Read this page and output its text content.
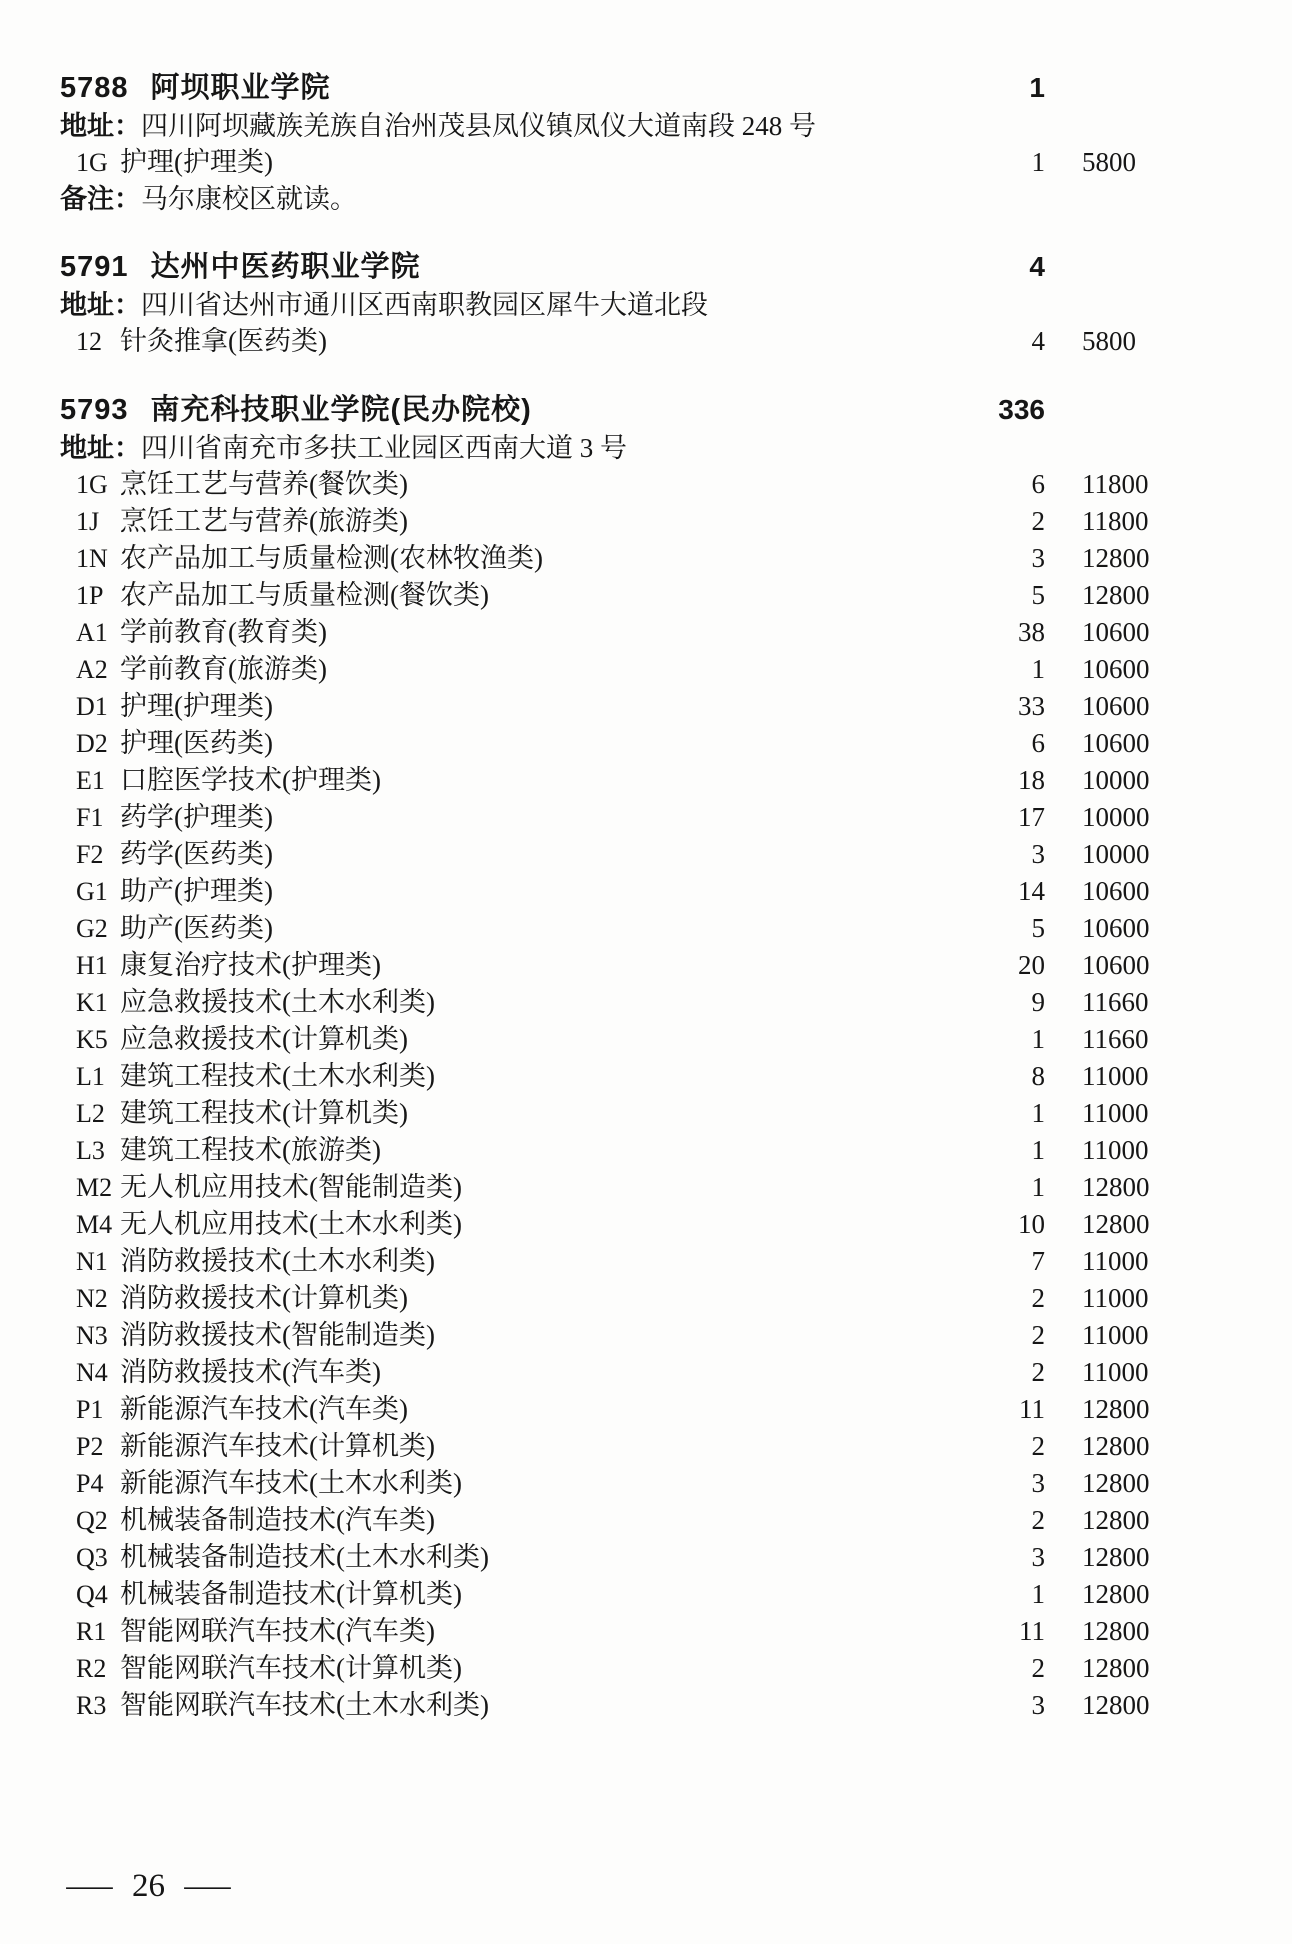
5788 阿坝职业学院	1
地址：四川阿坝藏族羌族自治州茂县凤仪镇凤仪大道南段 248 号
1G 护理(护理类)	1	5800
备注：马尔康校区就读。
5791 达州中医药职业学院	4
地址：四川省达州市通川区西南职教园区犀牛大道北段
12 针灸推拿(医药类)	4	5800
5793 南充科技职业学院(民办院校)	336
地址：四川省南充市多扶工业园区西南大道 3 号
1G 烹饪工艺与营养(餐饮类)	6	11800
1J 烹饪工艺与营养(旅游类)	2	11800
1N 农产品加工与质量检测(农林牧渔类)	3	12800
1P 农产品加工与质量检测(餐饮类)	5	12800
A1 学前教育(教育类)	38	10600
A2 学前教育(旅游类)	1	10600
D1 护理(护理类)	33	10600
D2 护理(医药类)	6	10600
E1 口腔医学技术(护理类)	18	10000
F1 药学(护理类)	17	10000
F2 药学(医药类)	3	10000
G1 助产(护理类)	14	10600
G2 助产(医药类)	5	10600
H1 康复治疗技术(护理类)	20	10600
K1 应急救援技术(土木水利类)	9	11660
K5 应急救援技术(计算机类)	1	11660
L1 建筑工程技术(土木水利类)	8	11000
L2 建筑工程技术(计算机类)	1	11000
L3 建筑工程技术(旅游类)	1	11000
M2 无人机应用技术(智能制造类)	1	12800
M4 无人机应用技术(土木水利类)	10	12800
N1 消防救援技术(土木水利类)	7	11000
N2 消防救援技术(计算机类)	2	11000
N3 消防救援技术(智能制造类)	2	11000
N4 消防救援技术(汽车类)	2	11000
P1 新能源汽车技术(汽车类)	11	12800
P2 新能源汽车技术(计算机类)	2	12800
P4 新能源汽车技术(土木水利类)	3	12800
Q2 机械装备制造技术(汽车类)	2	12800
Q3 机械装备制造技术(土木水利类)	3	12800
Q4 机械装备制造技术(计算机类)	1	12800
R1 智能网联汽车技术(汽车类)	11	12800
R2 智能网联汽车技术(计算机类)	2	12800
R3 智能网联汽车技术(土木水利类)	3	12800
— 26 —
